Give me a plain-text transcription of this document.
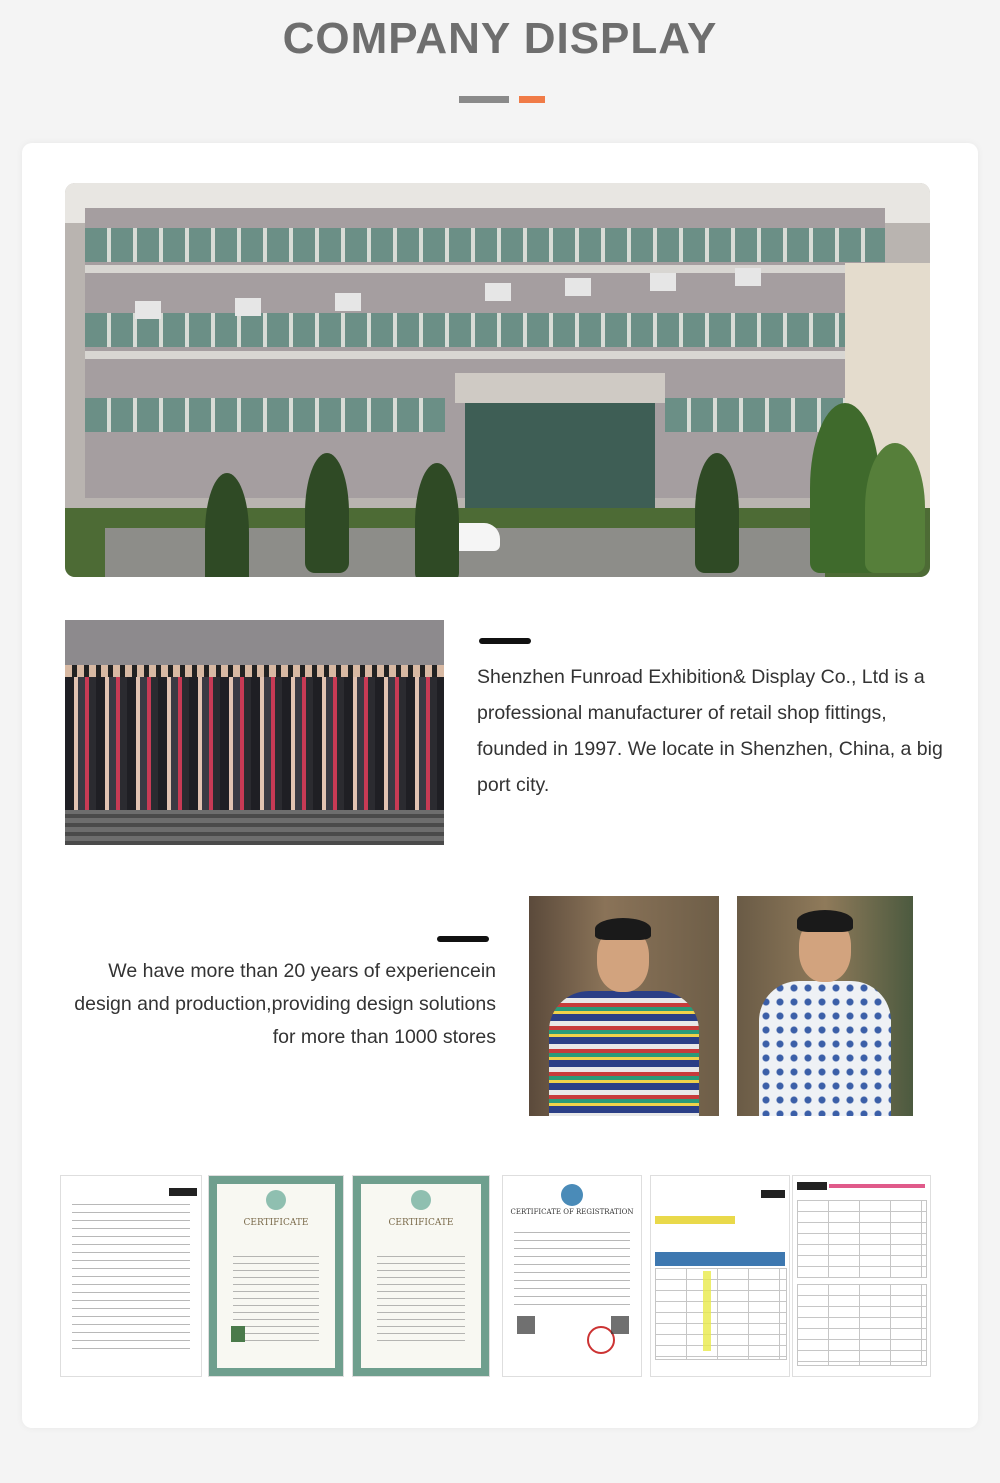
COMPANY DISPLAY
Shenzhen Funroad Exhibition& Display Co., Ltd is a professional manufacturer of retail shop fittings, founded in 1997. We locate in Shenzhen, China, a big port city.
We have more than 20 years of experiencein design and production,providing design solutions for more than 1000 stores
CERTIFICATE	CERTIFICATE
CERTIFICATE OF REGISTRATION
